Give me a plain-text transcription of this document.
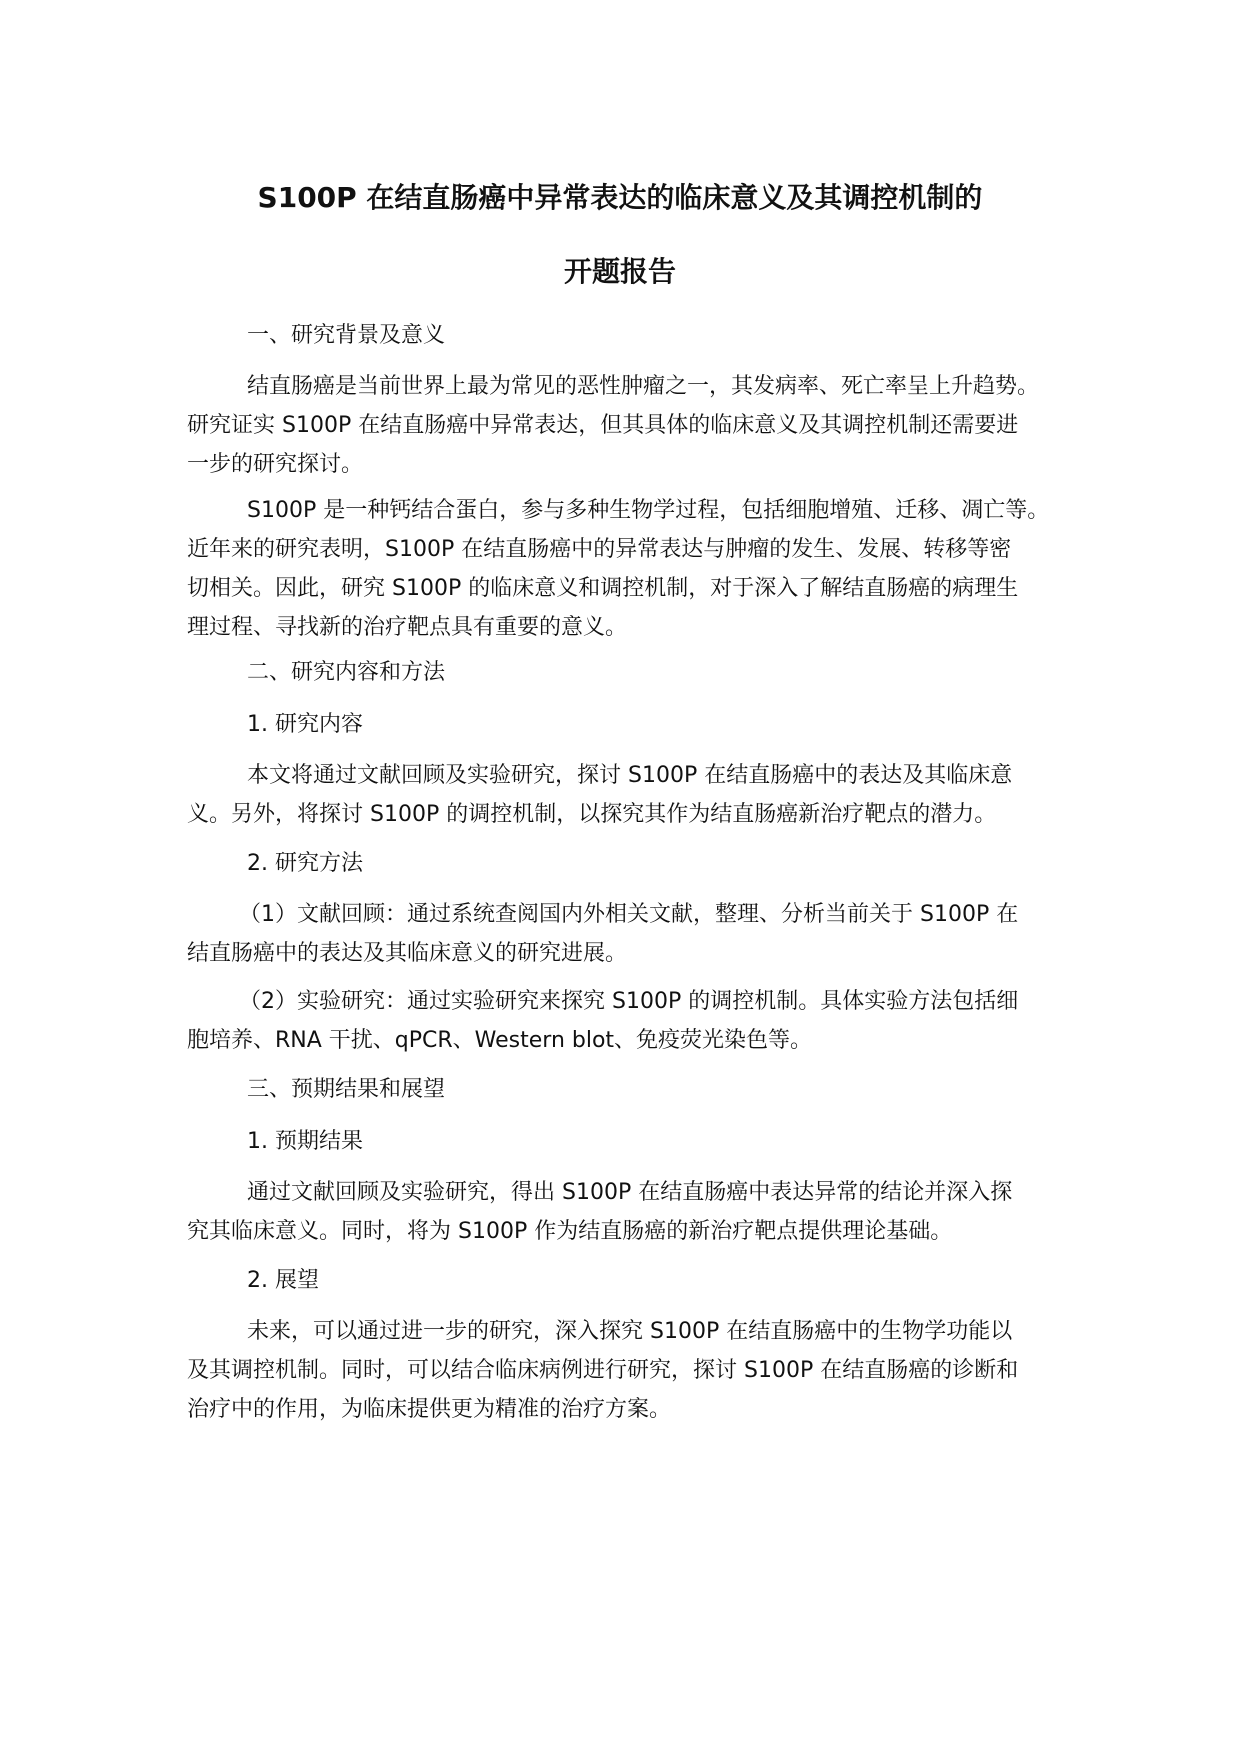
S100P 在结直肠癌中异常表达的临床意义及其调控机制的
开题报告

一、研究背景及意义

结直肠癌是当前世界上最为常见的恶性肿瘤之一，其发病率、死亡率呈上升趋势。
研究证实 S100P 在结直肠癌中异常表达，但其具体的临床意义及其调控机制还需要进
一步的研究探讨。

S100P 是一种钙结合蛋白，参与多种生物学过程，包括细胞增殖、迁移、凋亡等。
近年来的研究表明，S100P 在结直肠癌中的异常表达与肿瘤的发生、发展、转移等密
切相关。因此，研究 S100P 的临床意义和调控机制，对于深入了解结直肠癌的病理生
理过程、寻找新的治疗靶点具有重要的意义。

二、研究内容和方法

1. 研究内容

本文将通过文献回顾及实验研究，探讨 S100P 在结直肠癌中的表达及其临床意
义。另外，将探讨 S100P 的调控机制，以探究其作为结直肠癌新治疗靶点的潜力。

2. 研究方法

（1）文献回顾：通过系统查阅国内外相关文献，整理、分析当前关于 S100P 在
结直肠癌中的表达及其临床意义的研究进展。

（2）实验研究：通过实验研究来探究 S100P 的调控机制。具体实验方法包括细
胞培养、RNA 干扰、qPCR、Western blot、免疫荧光染色等。

三、预期结果和展望

1. 预期结果

通过文献回顾及实验研究，得出 S100P 在结直肠癌中表达异常的结论并深入探
究其临床意义。同时，将为 S100P 作为结直肠癌的新治疗靶点提供理论基础。

2. 展望

未来，可以通过进一步的研究，深入探究 S100P 在结直肠癌中的生物学功能以
及其调控机制。同时，可以结合临床病例进行研究，探讨 S100P 在结直肠癌的诊断和
治疗中的作用，为临床提供更为精准的治疗方案。
